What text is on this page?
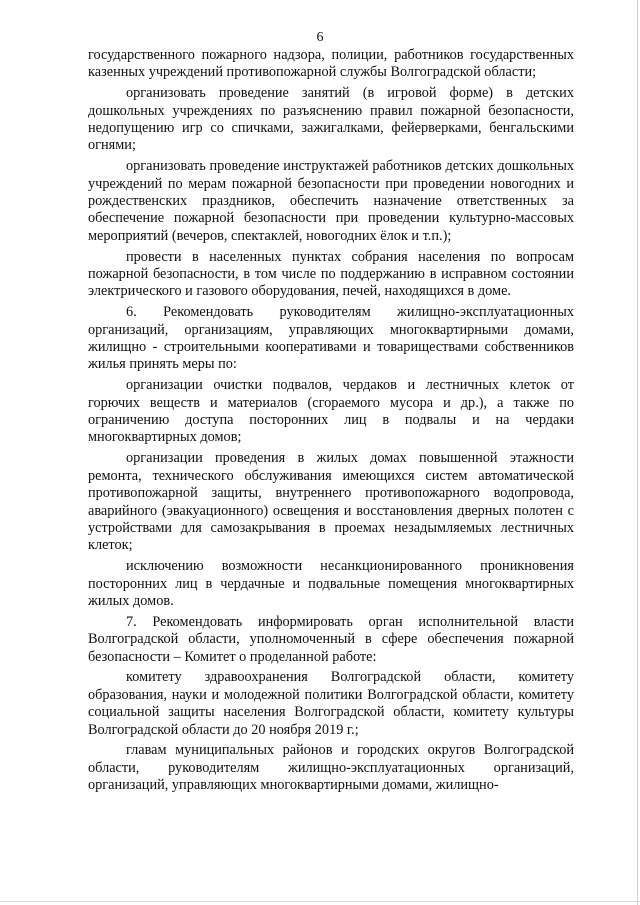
6

государственного пожарного надзора, полиции, работников государственных казенных учреждений противопожарной службы Волгоградской области;

организовать проведение занятий (в игровой форме) в детских дошкольных учреждениях по разъяснению правил пожарной безопасности, недопущению игр со спичками, зажигалками, фейерверками, бенгальскими огнями;

организовать проведение инструктажей работников детских дошкольных учреждений по мерам пожарной безопасности при проведении новогодних и рождественских праздников, обеспечить назначение ответственных за обеспечение пожарной безопасности при проведении культурно-массовых мероприятий (вечеров, спектаклей, новогодних ёлок и т.п.);

провести в населенных пунктах собрания населения по вопросам пожарной безопасности, в том числе по поддержанию в исправном состоянии электрического и газового оборудования, печей, находящихся в доме.

6. Рекомендовать руководителям жилищно-эксплуатационных организаций, организациям, управляющих многоквартирными домами, жилищно - строительными кооперативами и товариществами собственников жилья принять меры по:

организации очистки подвалов, чердаков и лестничных клеток от горючих веществ и материалов (сгораемого мусора и др.), а также по ограничению доступа посторонних лиц в подвалы и на чердаки многоквартирных домов;

организации проведения в жилых домах повышенной этажности ремонта, технического обслуживания имеющихся систем автоматической противопожарной защиты, внутреннего противопожарного водопровода, аварийного (эвакуационного) освещения и восстановления дверных полотен с устройствами для самозакрывания в проемах незадымляемых лестничных клеток;

исключению возможности несанкционированного проникновения посторонних лиц в чердачные и подвальные помещения многоквартирных жилых домов.

7. Рекомендовать информировать орган исполнительной власти Волгоградской области, уполномоченный в сфере обеспечения пожарной безопасности – Комитет о проделанной работе:

комитету здравоохранения Волгоградской области, комитету образования, науки и молодежной политики Волгоградской области, комитету социальной защиты населения Волгоградской области, комитету культуры Волгоградской области до 20 ноября 2019 г.;

главам муниципальных районов и городских округов Волгоградской области, руководителям жилищно-эксплуатационных организаций, организаций, управляющих многоквартирными домами, жилищно-
